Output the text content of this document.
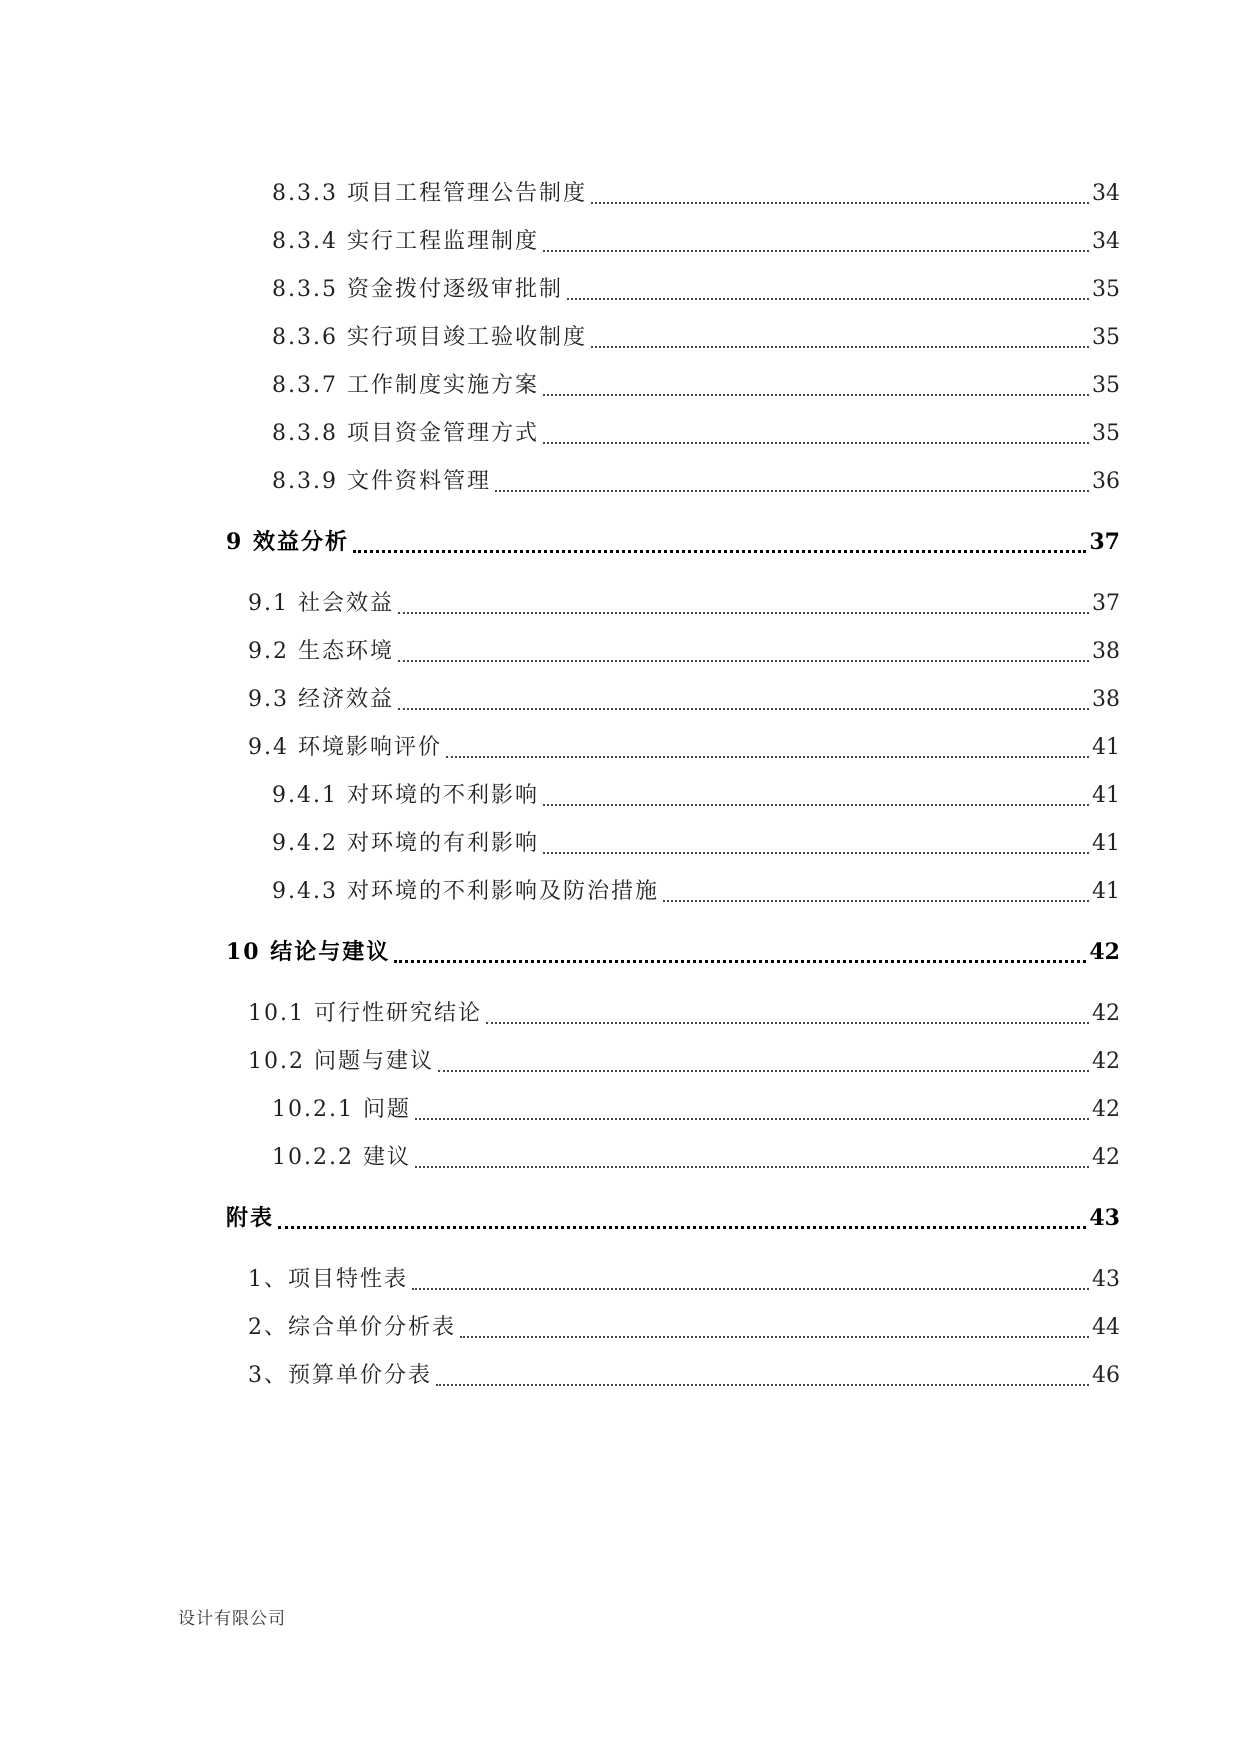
8.3.3 项目工程管理公告制度	34
8.3.4 实行工程监理制度	34
8.3.5 资金拨付逐级审批制	35
8.3.6 实行项目竣工验收制度	35
8.3.7 工作制度实施方案	35
8.3.8 项目资金管理方式	35
8.3.9 文件资料管理	36
9 效益分析	37
9.1 社会效益	37
9.2 生态环境	38
9.3 经济效益	38
9.4 环境影响评价	41
9.4.1 对环境的不利影响	41
9.4.2 对环境的有利影响	41
9.4.3 对环境的不利影响及防治措施	41
10 结论与建议	42
10.1 可行性研究结论	42
10.2 问题与建议	42
10.2.1 问题	42
10.2.2 建议	42
附表	43
1、项目特性表	43
2、综合单价分析表	44
3、预算单价分表	46
设计有限公司
